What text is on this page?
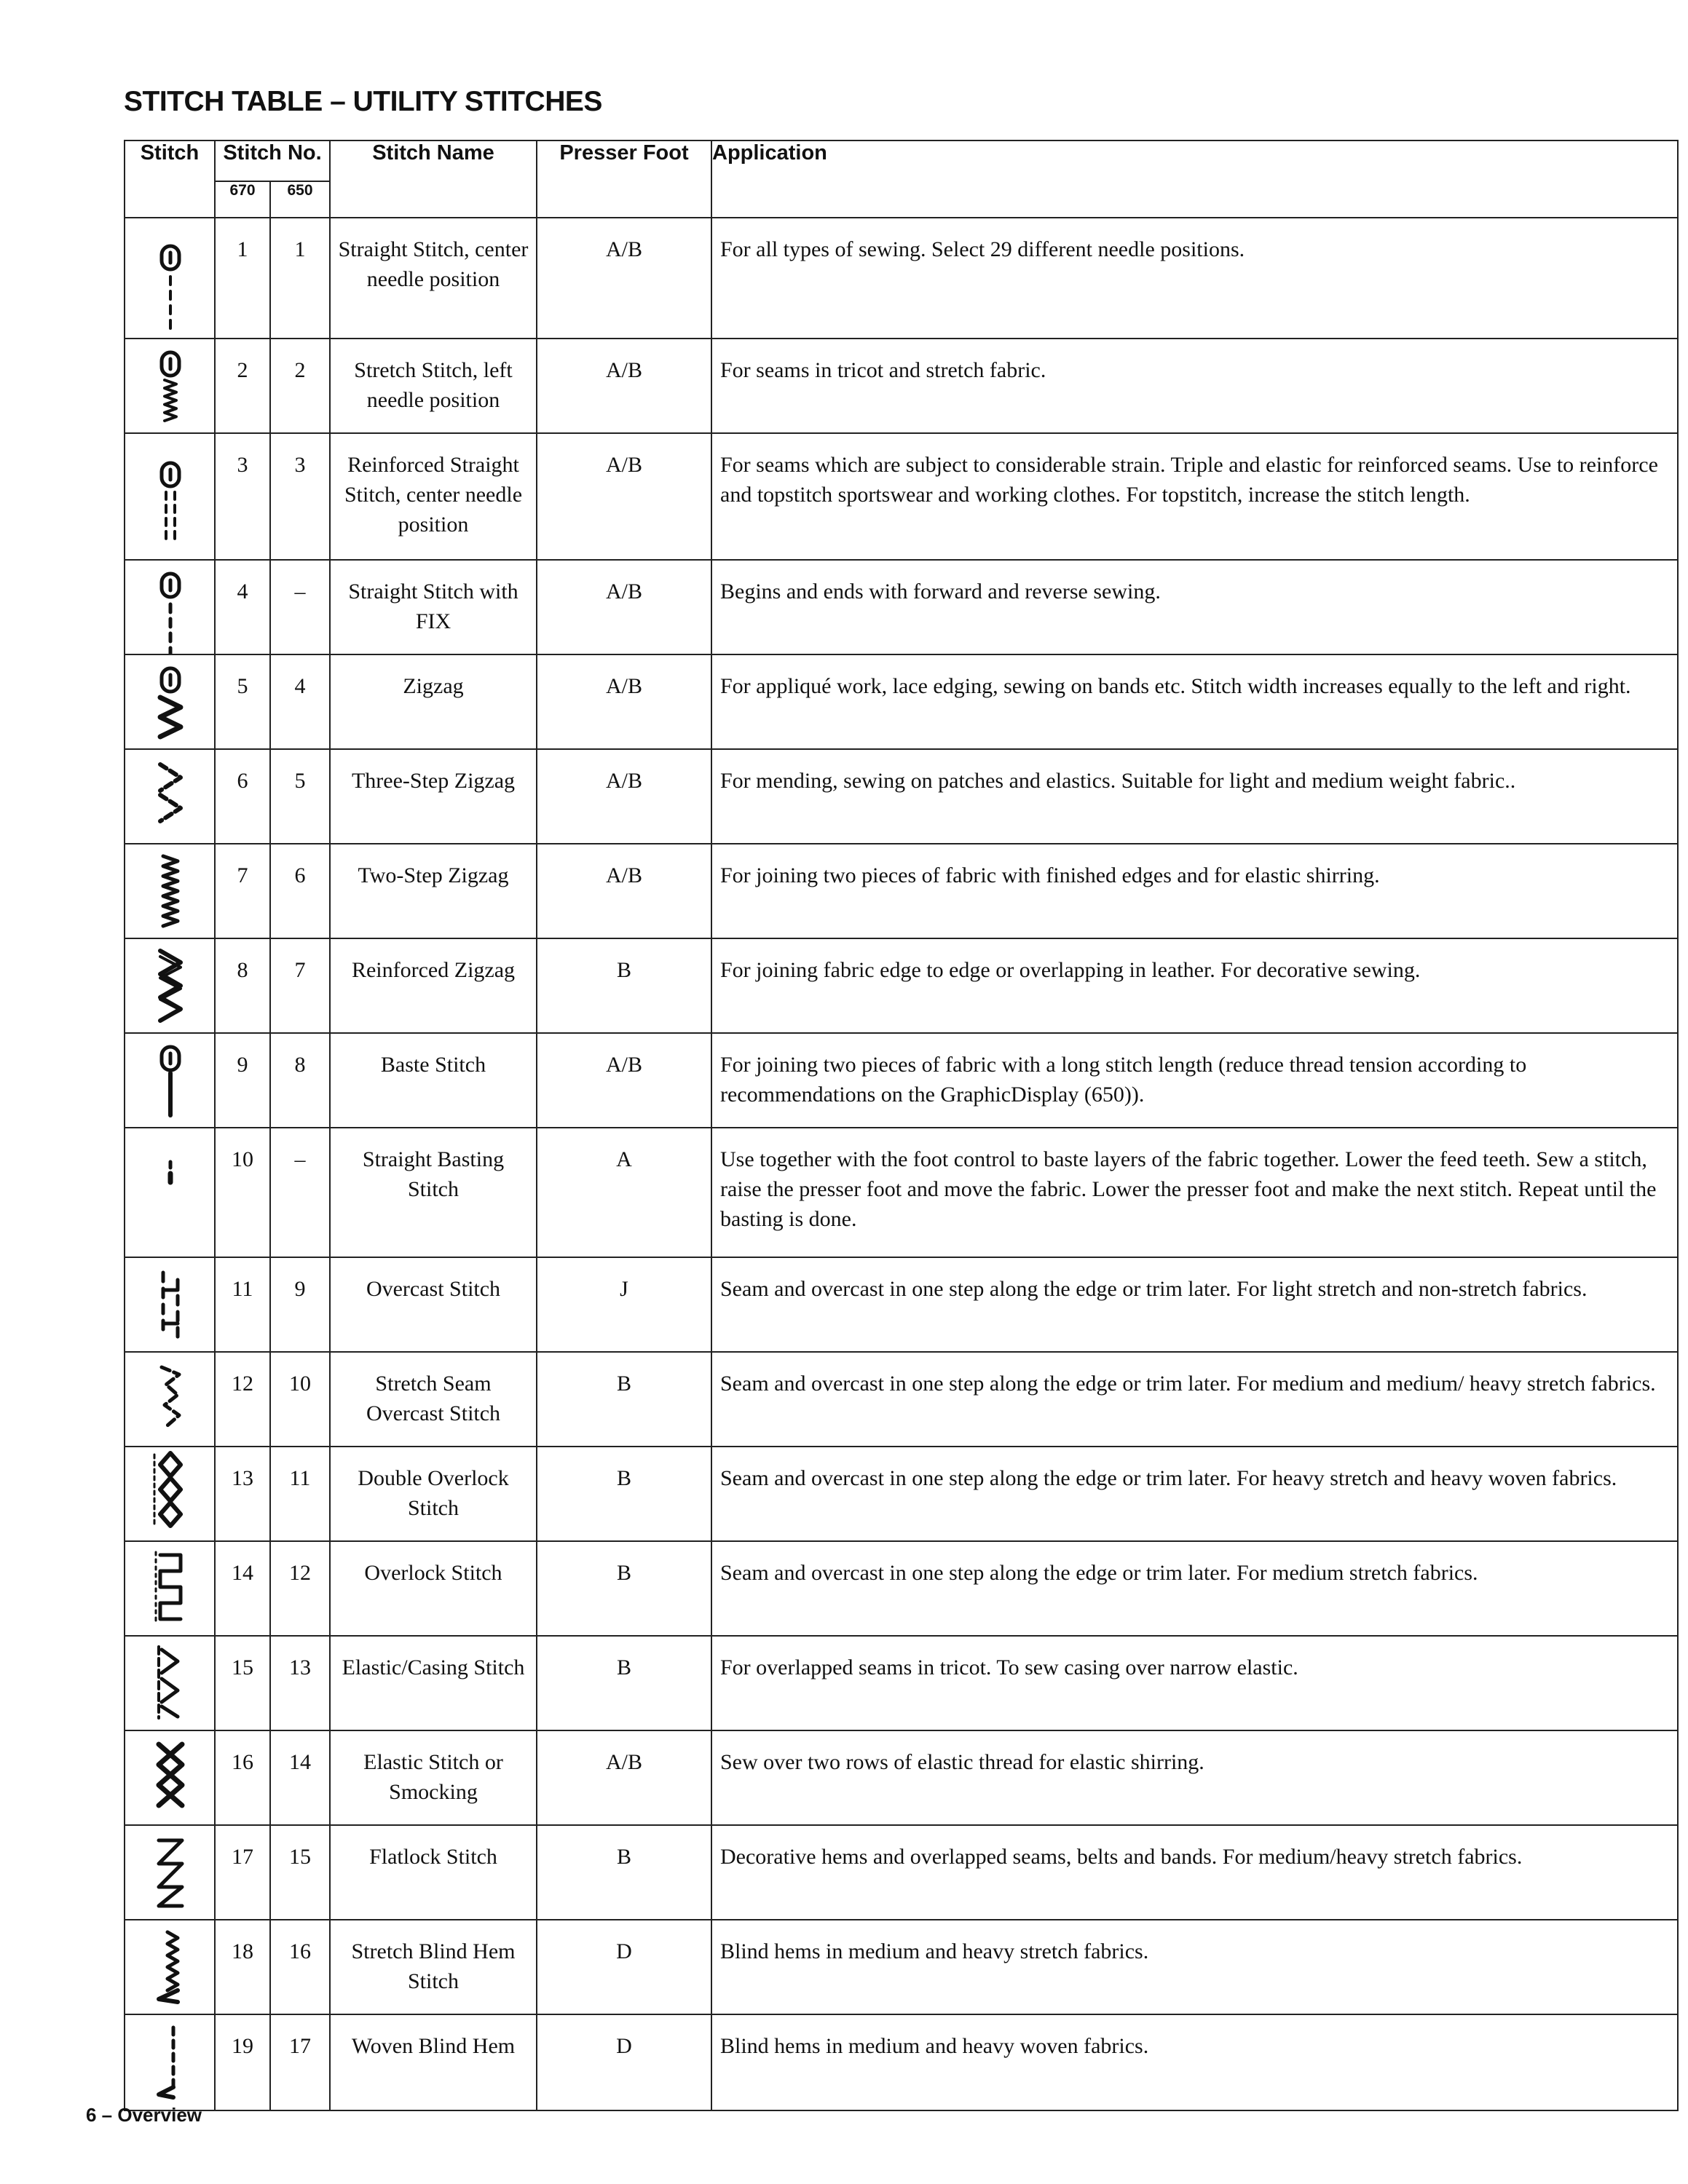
STITCH TABLE – UTILITY STITCHES
Stitch	Stitch No.		Stitch Name	Presser Foot	Application
	670	650			

	1	1	Straight Stitch, center needle position	A/B	For all types of sewing. Select 29 different needle positions.

	2	2	Stretch Stitch, left needle position	A/B	For seams in tricot and stretch fabric.

	3	3	Reinforced Straight Stitch, center needle position	A/B	For seams which are subject to considerable strain. Triple and elastic for reinforced seams. Use to reinforce and topstitch sportswear and working clothes. For topstitch, increase the stitch length.

	4	–	Straight Stitch with FIX	A/B	Begins and ends with forward and reverse sewing.

	5	4	Zigzag	A/B	For appliqué work, lace edging, sewing on bands etc. Stitch width increases equally to the left and right.

	6	5	Three-Step Zigzag	A/B	For mending, sewing on patches and elastics. Suitable for light and medium weight fabric..

	7	6	Two-Step Zigzag	A/B	For joining two pieces of fabric with finished edges and for elastic shirring.

	8	7	Reinforced Zigzag	B	For joining fabric edge to edge or overlapping in leather. For decorative sewing.

	9	8	Baste Stitch	A/B	For joining two pieces of fabric with a long stitch length (reduce thread tension according to recommendations on the GraphicDisplay (650)).

	10	–	Straight Basting Stitch	A	Use together with the foot control to baste layers of the fabric together. Lower the feed teeth. Sew a stitch, raise the presser foot and move the fabric. Lower the presser foot and make the next stitch. Repeat until the basting is done.

	11	9	Overcast Stitch	J	Seam and overcast in one step along the edge or trim later. For light stretch and non-stretch fabrics.

	12	10	Stretch Seam Overcast Stitch	B	Seam and overcast in one step along the edge or trim later. For medium and medium/ heavy stretch fabrics.

	13	11	Double Overlock Stitch	B	Seam and overcast in one step along the edge or trim later. For heavy stretch and heavy woven fabrics.

	14	12	Overlock Stitch	B	Seam and overcast in one step along the edge or trim later. For medium stretch fabrics.

	15	13	Elastic/Casing Stitch	B	For overlapped seams in tricot. To sew casing over narrow elastic.

	16	14	Elastic Stitch or Smocking	A/B	Sew over two rows of elastic thread for elastic shirring.

	17	15	Flatlock Stitch	B	Decorative hems and overlapped seams, belts and bands. For medium/heavy stretch fabrics.

	18	16	Stretch Blind Hem Stitch	D	Blind hems in medium and heavy stretch fabrics.

	19	17	Woven Blind Hem	D	Blind hems in medium and heavy woven fabrics.
6 – Overview
